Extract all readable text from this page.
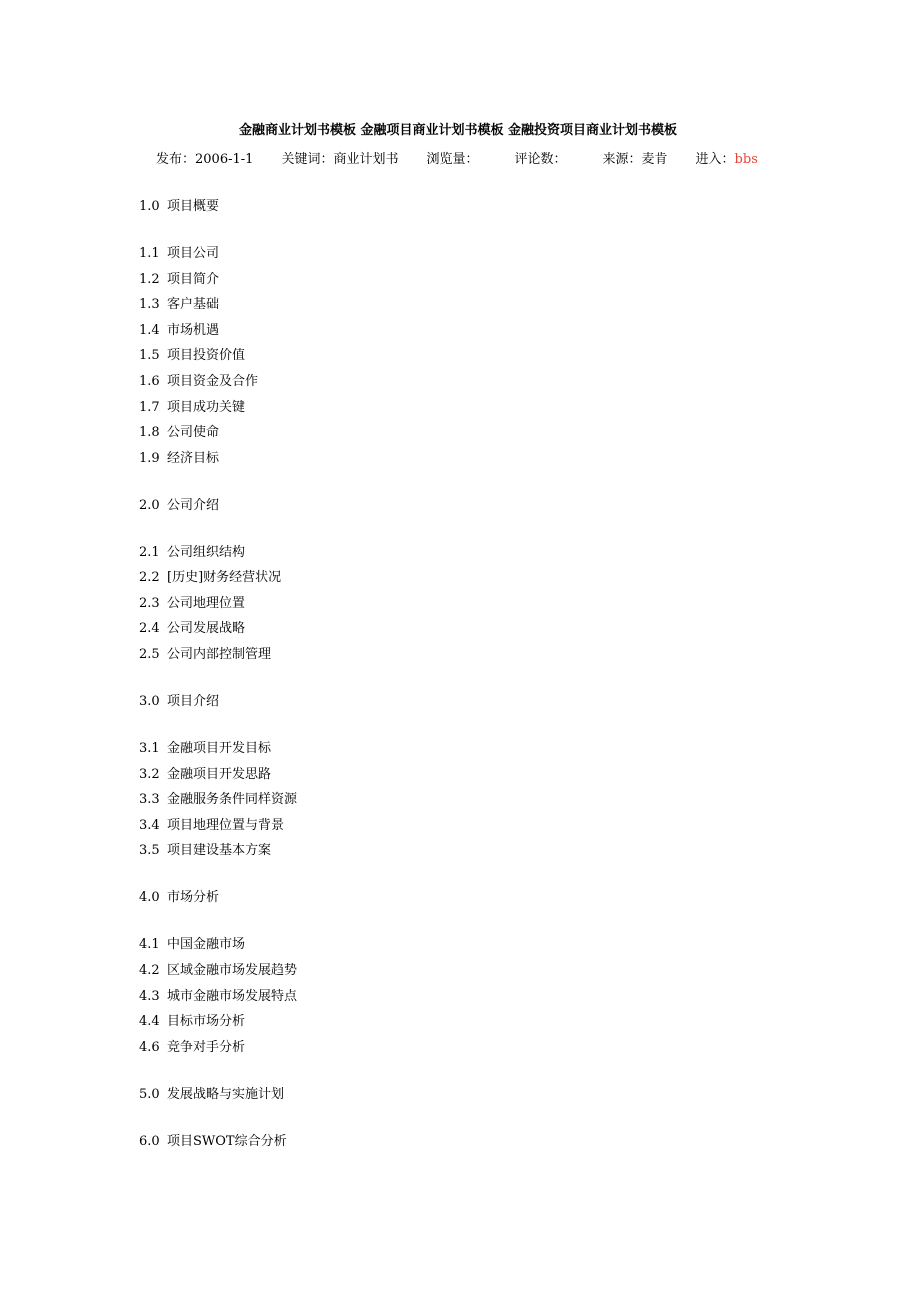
金融商业计划书模板 金融项目商业计划书模板 金融投资项目商业计划书模板
发布：2006-1-1 关键词：商业计划书 浏览量：	评论数：	来源：麦肯 进入：bbs
1.0 项目概要
1.1 项目公司
1.2 项目简介
1.3 客户基础
1.4 市场机遇
1.5 项目投资价值
1.6 项目资金及合作
1.7 项目成功关键
1.8 公司使命
1.9 经济目标
2.0 公司介绍
2.1 公司组织结构
2.2 [历史]财务经营状况
2.3 公司地理位置
2.4 公司发展战略
2.5 公司内部控制管理
3.0 项目介绍
3.1 金融项目开发目标
3.2 金融项目开发思路
3.3 金融服务条件同样资源
3.4 项目地理位置与背景
3.5 项目建设基本方案
4.0 市场分析
4.1 中国金融市场
4.2 区域金融市场发展趋势
4.3 城市金融市场发展特点
4.4 目标市场分析
4.6 竞争对手分析
5.0 发展战略与实施计划
6.0 项目SWOT综合分析
